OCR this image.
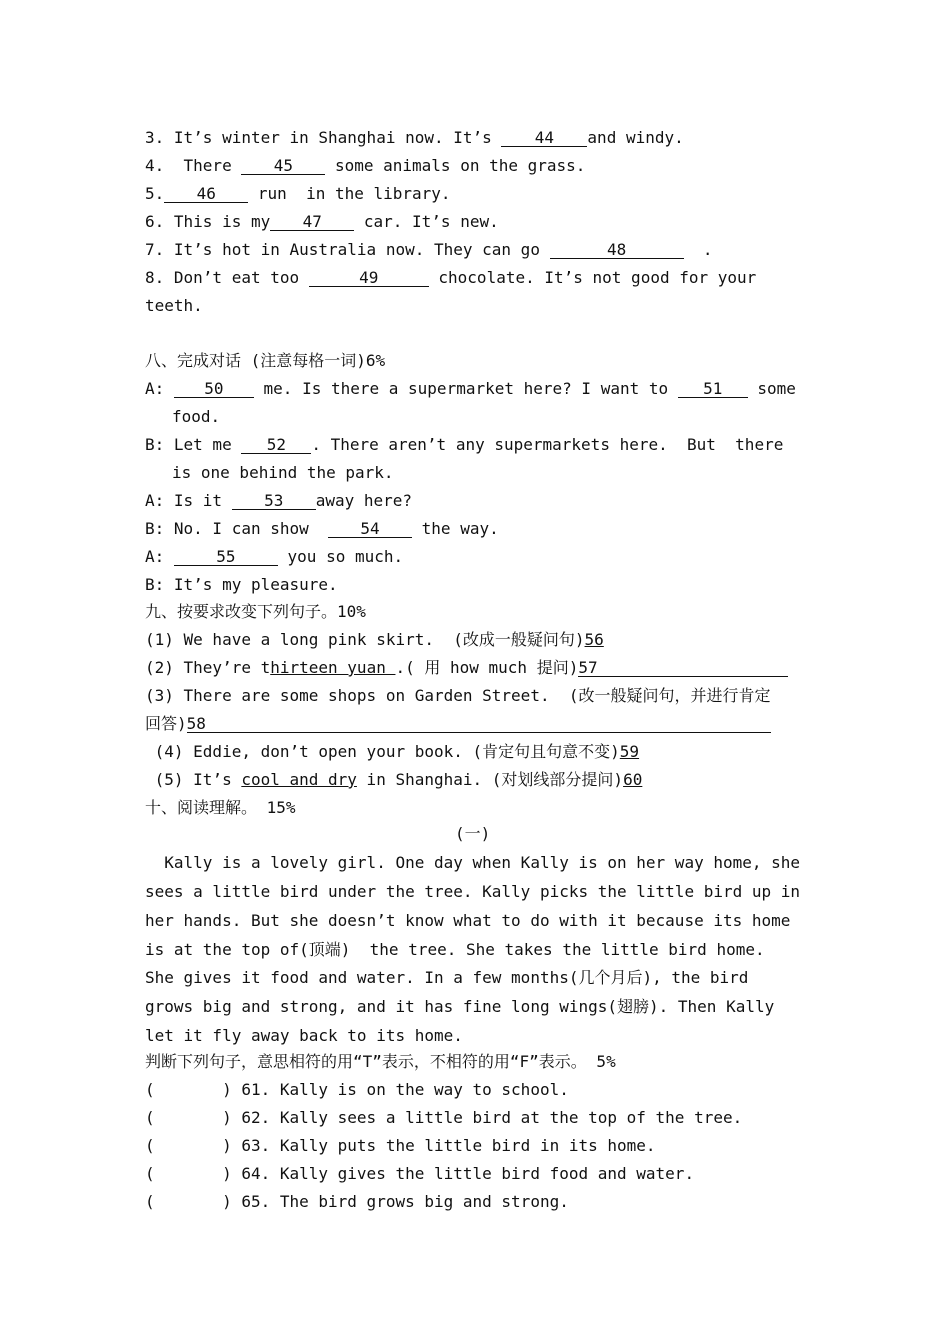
3. It’s winter in Shanghai now. It’s 44 and windy.
4.  There 45 some animals on the grass.
5. 46 run  in the library.
6. This is my 47 car. It’s new.
7. It’s hot in Australia now. They can go	48	.
8. Don’t eat too	49	chocolate. It’s not good for your
teeth.
八、完成对话 (注意每格一词)6%
A: 50 me. Is there a supermarket here? I want to 51 some
food.
B: Let me 52 . There aren’t any supermarkets here.  But  there
is one behind the park.
A: Is it 53 away here?
B: No. I can show  54 the way.
A:	55	you so much.
B: It’s my pleasure.
九、按要求改变下列句子。10%
(1) We have a long pink skirt.  (改成一般疑问句)56
(2) They’re thirteen yuan .( 用 how much 提问)57
(3) There are some shops on Garden Street.  (改一般疑问句，并进行肯定
回答)58
(4) Eddie, don’t open your book. (肯定句且句意不变)59
(5) It’s cool and dry in Shanghai. (对划线部分提问)60
十、阅读理解。 15%
(一)
Kally is a lovely girl. One day when Kally is on her way home, she
sees a little bird under the tree. Kally picks the little bird up in
her hands. But she doesn’t know what to do with it because its home
is at the top of(顶端)  the tree. She takes the little bird home.
She gives it food and water. In a few months(几个月后), the bird
grows big and strong, and it has fine long wings(翅膀). Then Kally
let it fly away back to its home.
判断下列句子，意思相符的用“T”表示，不相符的用“F”表示。 5%
(       ) 61. Kally is on the way to school.
(       ) 62. Kally sees a little bird at the top of the tree.
(       ) 63. Kally puts the little bird in its home.
(       ) 64. Kally gives the little bird food and water.
(       ) 65. The bird grows big and strong.
